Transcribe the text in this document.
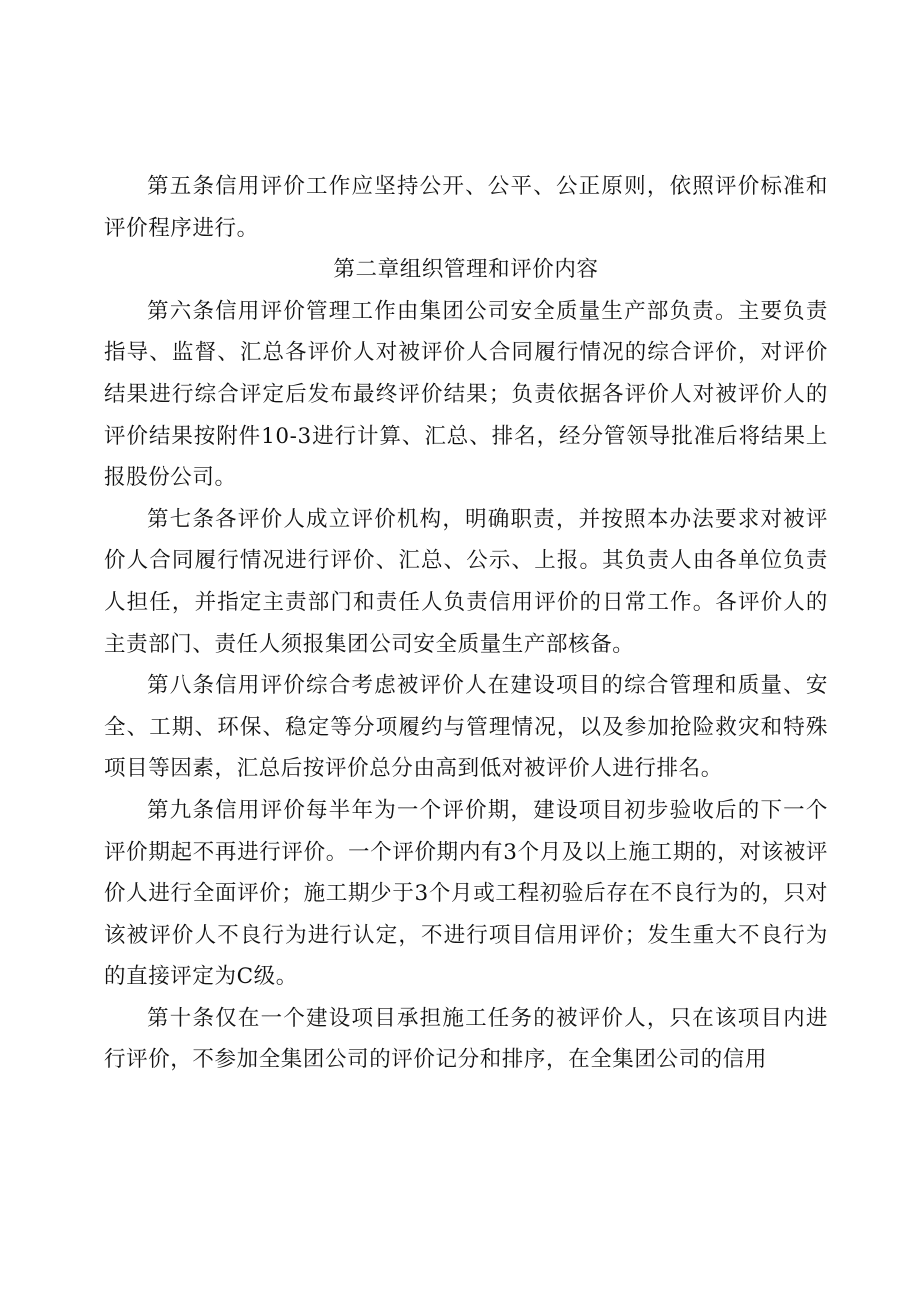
第五条信用评价工作应坚持公开、公平、公正原则，依照评价标准和评价程序进行。

第二章组织管理和评价内容

第六条信用评价管理工作由集团公司安全质量生产部负责。主要负责指导、监督、汇总各评价人对被评价人合同履行情况的综合评价，对评价结果进行综合评定后发布最终评价结果；负责依据各评价人对被评价人的评价结果按附件10-3进行计算、汇总、排名，经分管领导批准后将结果上报股份公司。

第七条各评价人成立评价机构，明确职责，并按照本办法要求对被评价人合同履行情况进行评价、汇总、公示、上报。其负责人由各单位负责人担任，并指定主责部门和责任人负责信用评价的日常工作。各评价人的主责部门、责任人须报集团公司安全质量生产部核备。

第八条信用评价综合考虑被评价人在建设项目的综合管理和质量、安全、工期、环保、稳定等分项履约与管理情况，以及参加抢险救灾和特殊项目等因素，汇总后按评价总分由高到低对被评价人进行排名。

第九条信用评价每半年为一个评价期，建设项目初步验收后的下一个评价期起不再进行评价。一个评价期内有3个月及以上施工期的，对该被评价人进行全面评价；施工期少于3个月或工程初验后存在不良行为的，只对该被评价人不良行为进行认定，不进行项目信用评价；发生重大不良行为的直接评定为C级。

第十条仅在一个建设项目承担施工任务的被评价人，只在该项目内进行评价，不参加全集团公司的评价记分和排序，在全集团公司的信用
